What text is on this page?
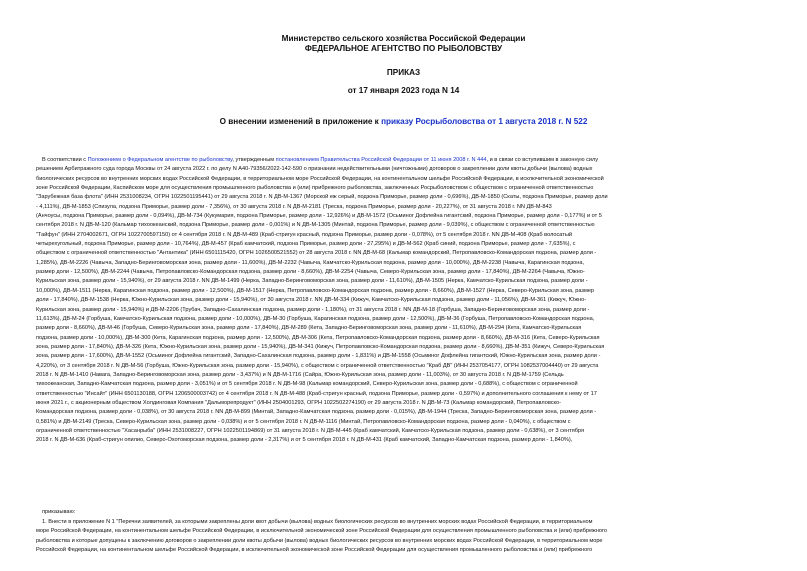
Министерство сельского хозяйства Российской Федерации
ФЕДЕРАЛЬНОЕ АГЕНТСТВО ПО РЫБОЛОВСТВУ
ПРИКАЗ
от 17 января 2023 года N 14
О внесении изменений в приложение к приказу Росрыболовства от 1 августа 2018 г. N 522
В соответствии с Положением о Федеральном агентстве по рыболовству, утвержденным постановлением Правительства Российской Федерации от 11 июня 2008 г. N 444, и в связи со вступившим в законную силу
решением Арбитражного суда города Москвы от 24 августа 2022 г. по делу N А40-79356/2022-142-590 о признании недействительными (ничтожными) договоров о закреплении доли квоты добычи (вылова) водных
биологических ресурсов во внутренних морских водах Российской Федерации, в территориальном море Российской Федерации, на континентальном шельфе Российской Федерации, в исключительной экономической
зоне Российской Федерации, Каспийском море для осуществления промышленного рыболовства и (или) прибрежного рыболовства, заключенных Росрыболовством с обществом с ограниченной ответственностью
"Зарубежная база флота" (ИНН 2531008234, ОГРН 1022501195441) от 29 августа 2018 г. N ДВ-М-1367 (Морской еж серый, подзона Приморье, размер доли - 0,696%), ДВ-М-1850 (Скаты, подзона Приморье, размер доли
- 4,111%), ДВ-М-1853 (Спизула, подзона Приморье, размер доли - 7,356%), от 30 августа 2018 г. N ДВ-М-2181 (Треска, подзона Приморье, размер доли - 20,227%), от 31 августа 2018 г. NN ДВ-М-843
(Анчоусы, подзона Приморье, размер доли - 0,094%), ДВ-М-734 (Кукумария, подзона Приморье, размер доли - 12,926%) и ДВ-М-1572 (Осьминог Дофлейна гигантский, подзона Приморье, размер доли - 0,177%) и от 5
сентября 2018 г. N ДВ-М-120 (Кальмар тихоокеанский, подзона Приморье, размер доли - 0,001%) и N ДВ-М-1305 (Минтай, подзона Приморье, размер доли - 9,039%), с обществом с ограниченной ответственностью
"Тайфун" (ИНН 2704002671, ОГРН 1022700597150) от 4 сентября 2018 г. N ДВ-М-489 (Краб-стригун красный, подзона Приморье, размер доли - 0,078%), от 5 сентября 2018 г. NN ДВ-М-408 (Краб волосатый
четырехугольный, подзона Приморье, размер доли - 10,764%), ДВ-М-457 (Краб камчатский, подзона Приморье, размер доли - 27,295%) и ДВ-М-562 (Краб синий, подзона Приморье, размер доли - 7,635%), с
обществом с ограниченной ответственностью "Антантика" (ИНН 6501115420, ОГРН 1026500521552) от 28 августа 2018 г. NN ДВ-М-68 (Кальмар командорский, Петропавловско-Командорская подзона, размер доли -
1,285%), ДВ-М-2226 (Чавыча, Западно-Беринговоморская зона, размер доли - 11,600%), ДВ-М-2232 (Чавыча, Камчатско-Курильская подзона, размер доли - 10,000%), ДВ-М-2238 (Чавыча, Карагинская подзона,
размер доли - 12,500%), ДВ-М-2244 (Чавыча, Петропавловско-Командорская подзона, размер доли - 8,660%), ДВ-М-2254 (Чавыча, Северо-Курильская зона, размер доли - 17,840%), ДВ-М-2264 (Чавыча, Южно-
Курильская зона, размер доли - 15,940%), от 29 августа 2018 г. NN ДВ-М-1499 (Нерка, Западно-Беринговоморская зона, размер доли - 11,610%), ДВ-М-1505 (Нерка, Камчатско-Курильская подзона, размер доли -
10,000%), ДВ-М-1511 (Нерка, Карагинская подзона, размер доли - 12,500%), ДВ-М-1517 (Нерка, Петропавловско-Командорская подзона, размер доли - 8,660%), ДВ-М-1527 (Нерка, Северо-Курильская зона, размер
доли - 17,840%), ДВ-М-1538 (Нерка, Южно-Курильская зона, размер доли - 15,940%), от 30 августа 2018 г. NN ДВ-М-334 (Кижуч, Камчатско-Курильская подзона, размер доли - 11,056%), ДВ-М-361 (Кижуч, Южно-
Курильская зона, размер доли - 15,940%) и ДВ-М-2206 (Трубач, Западно-Сахалинская подзона, размер доли - 1,180%), от 31 августа 2018 г. NN ДВ-М-18 (Горбуша, Западно-Беринговоморская зона, размер доли -
11,613%), ДВ-М-24 (Горбуша, Камчатско-Курильская подзона, размер доли - 10,000%), ДВ-М-30 (Горбуша, Карагинская подзона, размер доли - 12,500%), ДВ-М-36 (Горбуша, Петропавловско-Командорская подзона,
размер доли - 8,660%), ДВ-М-46 (Горбуша, Северо-Курильская зона, размер доли - 17,840%), ДВ-М-289 (Кета, Западно-Беринговоморская зона, размер доли - 11,610%), ДВ-М-294 (Кета, Камчатско-Курильская
подзона, размер доли - 10,000%), ДВ-М-300 (Кета, Карагинская подзона, размер доли - 12,500%), ДВ-М-306 (Кета, Петропавловско-Командорская подзона, размер доли - 8,660%), ДВ-М-316 (Кета, Северо-Курильская
зона, размер доли - 17,840%), ДВ-М-326 (Кета, Южно-Курильская зона, размер доли - 15,940%), ДВ-М-341 (Кижуч, Петропавловско-Командорская подзона, размер доли - 8,660%), ДВ-М-351 (Кижуч, Северо-Курильская
зона, размер доли - 17,600%), ДВ-М-1552 (Осьминог Дофлейна гигантский, Западно-Сахалинская подзона, размер доли - 1,831%) и ДВ-М-1558 (Осьминог Дофлейна гигантский, Южно-Курильская зона, размер доли -
4,220%), от 3 сентября 2018 г. N ДВ-М-56 (Горбуша, Южно-Курильская зона, размер доли - 15,940%), с обществом с ограниченной ответственностью "Краб ДВ" (ИНН 2537054177, ОГРН 1082537004440) от 29 августа
2018 г. N ДВ-М-1410 (Навага, Западно-Беринговоморская зона, размер доли - 3,437%) и N ДВ-М-1716 (Сайра, Южно-Курильская зона, размер доли - 11,003%), от 30 августа 2018 г. N ДВ-М-1759 (Сельдь
тихоокеанская, Западно-Камчатская подзона, размер доли - 3,051%) и от 5 сентября 2018 г. N ДВ-М-98 (Кальмар командорский, Северо-Курильская зона, размер доли - 0,688%), с обществом с ограниченной
ответственностью "Инсайт" (ИНН 6501130188, ОГРН 1206500003742) от 4 сентября 2018 г. N ДВ-М-488 (Краб-стригун красный, подзона Приморье, размер доли - 0,597%) и дополнительного соглашения к нему от 17
июня 2021 г., с акционерным обществом Холдинговая Компания "Дальморепродукт" (ИНН 2504001293, ОГРН 1022502274190) от 29 августа 2018 г. N ДВ-М-73 (Кальмар командорский, Петропавловско-
Командорская подзона, размер доли - 0,038%), от 30 августа 2018 г. NN ДВ-М-899 (Минтай, Западно-Камчатская подзона, размер доли - 0,015%), ДВ-М-1944 (Треска, Западно-Беринговоморская зона, размер доли -
0,581%) и ДВ-М-2149 (Треска, Северо-Курильская зона, размер доли - 0,038%) и от 5 сентября 2018 г. N ДВ-М-1116 (Минтай, Петропавловско-Командорская подзона, размер доли - 0,040%), с обществом с
ограниченной ответственностью "Хасанрыба" (ИНН 2531008227, ОГРН 1022501194869) от 31 августа 2018 г. N ДВ-М-445 (Краб камчатский, Камчатско-Курильская подзона, размер доли - 0,638%), от 3 сентября
2018 г. N ДВ-М-636 (Краб-стригун опилио, Северо-Охотоморская подзона, размер доли - 2,317%) и от 5 сентября 2018 г. N ДВ-М-431 (Краб камчатский, Западно-Камчатская подзона, размер доли - 1,840%),
приказываю:
1. Внести в приложение N 1 "Перечни заявителей, за которыми закреплены доли квот добычи (вылова) водных биологических ресурсов во внутренних морских водах Российской Федерации, в территориальном
море Российской Федерации, на континентальном шельфе Российской Федерации, в исключительной экономической зоне Российской Федерации для осуществления промышленного рыболовства и (или) прибрежного
рыболовства и которые допущены к заключению договоров о закреплении доли квоты добычи (вылова) водных биологических ресурсов во внутренних морских водах Российской Федерации, в территориальном море
Российской Федерации, на континентальном шельфе Российской Федерации, в исключительной экономической зоне Российской Федерации для осуществления промышленного рыболовства и (или) прибрежного
